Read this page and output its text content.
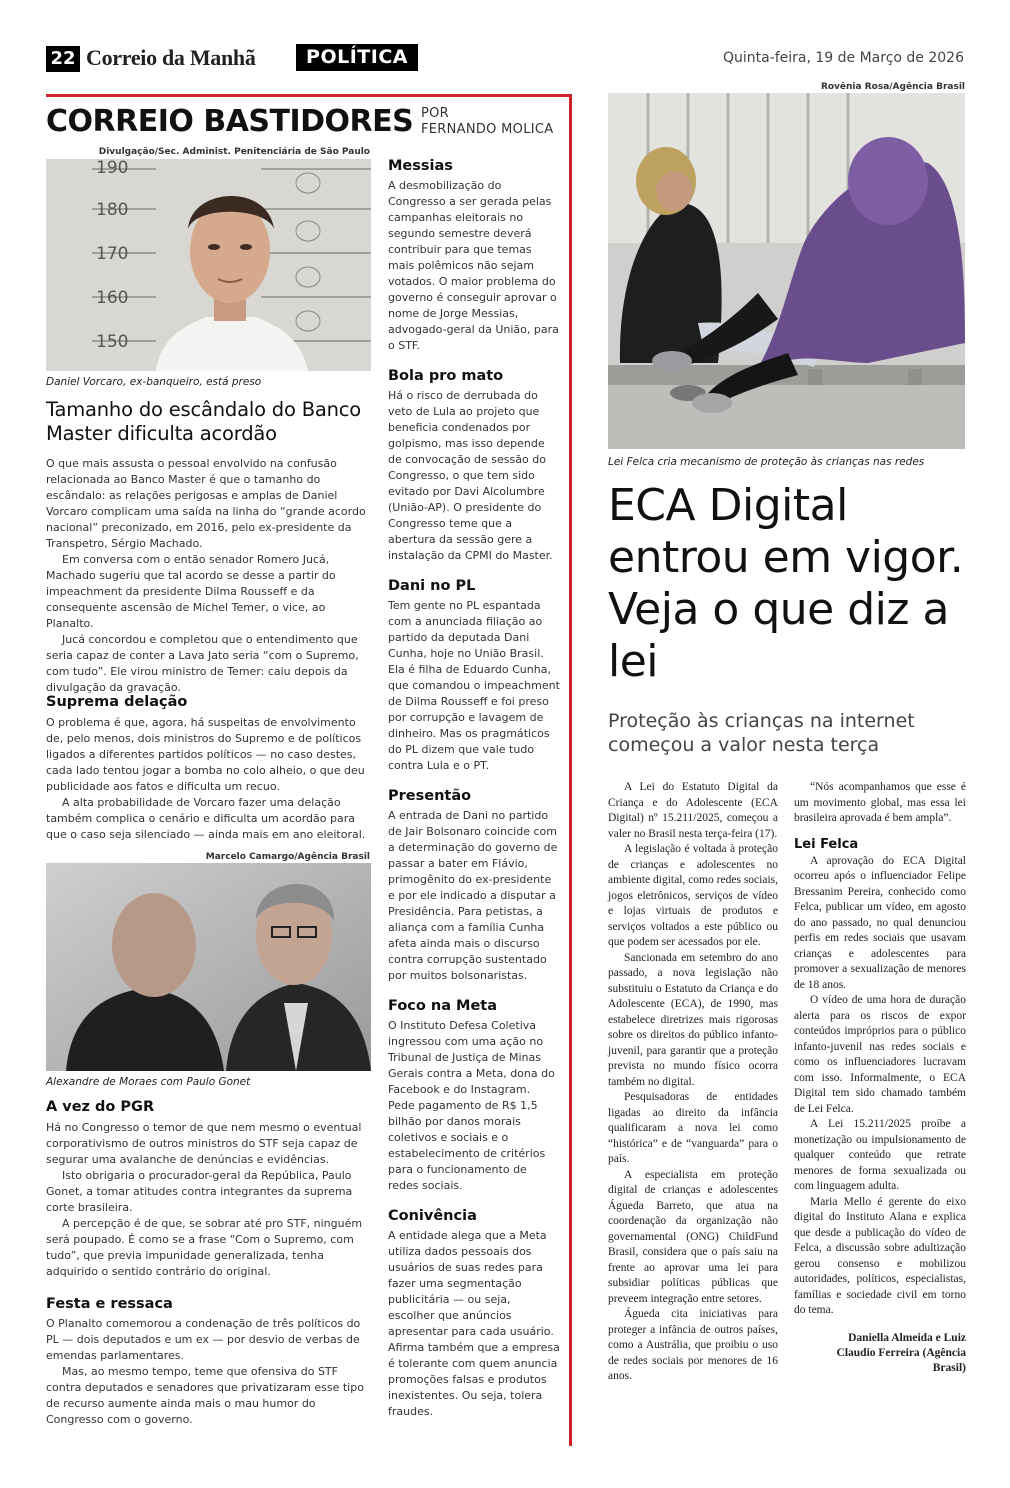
22 Correio da Manhã	POLÍTICA	Quinta-feira, 19 de Março de 2026
CORREIO BASTIDORES POR
FERNANDO MOLICA
Divulgação/Sec. Administ. Penitenciária de São Paulo
190
180
170
160
150
Daniel Vorcaro, ex-banqueiro, está preso
Tamanho do escândalo do Banco Master dificulta acordão

O que mais assusta o pessoal envolvido na confusão relacionada ao Banco Master é que o tamanho do escândalo: as relações perigosas e amplas de Daniel Vorcaro complicam uma saída na linha do “grande acordo nacional” preconizado, em 2016, pelo ex-presidente da Transpetro, Sérgio Machado.

Em conversa com o então senador Romero Jucá, Machado sugeriu que tal acordo se desse a partir do impeachment da presidente Dilma Rousseff e da consequente ascensão de Michel Temer, o vice, ao Planalto.

Jucá concordou e completou que o entendimento que seria capaz de conter a Lava Jato seria “com o Supremo, com tudo”. Ele virou ministro de Temer: caiu depois da divulgação da gravação.

Suprema delação

O problema é que, agora, há suspeitas de envolvimento de, pelo menos, dois ministros do Supremo e de políticos ligados a diferentes partidos políticos — no caso destes, cada lado tentou jogar a bomba no colo alheio, o que deu publicidade aos fatos e dificulta um recuo.

A alta probabilidade de Vorcaro fazer uma delação também complica o cenário e dificulta um acordão para que o caso seja silenciado — ainda mais em ano eleitoral.

Marcelo Camargo/Agência Brasil
Alexandre de Moraes com Paulo Gonet
A vez do PGR

Há no Congresso o temor de que nem mesmo o eventual corporativismo de outros ministros do STF seja capaz de segurar uma avalanche de denúncias e evidências.

Isto obrigaria o procurador-geral da República, Paulo Gonet, a tomar atitudes contra integrantes da suprema corte brasileira.

A percepção é de que, se sobrar até pro STF, ninguém será poupado. É como se a frase “Com o Supremo, com tudo”, que previa impunidade generalizada, tenha adquirido o sentido contrário do original.

Festa e ressaca

O Planalto comemorou a condenação de três políticos do PL — dois deputados e um ex — por desvio de verbas de emendas parlamentares.

Mas, ao mesmo tempo, teme que ofensiva do STF contra deputados e senadores que privatizaram esse tipo de recurso aumente ainda mais o mau humor do Congresso com o governo.

Messias
A desmobilização do Congresso a ser gerada pelas campanhas eleitorais no segundo semestre deverá contribuir para que temas mais polêmicos não sejam votados. O maior problema do governo é conseguir aprovar o nome de Jorge Messias, advogado-geral da União, para o STF.
Bola pro mato
Há o risco de derrubada do veto de Lula ao projeto que beneficia condenados por golpismo, mas isso depende de convocação de sessão do Congresso, o que tem sido evitado por Davi Alcolumbre (União-AP). O presidente do Congresso teme que a abertura da sessão gere a instalação da CPMI do Master.
Dani no PL
Tem gente no PL espantada com a anunciada filiação ao partido da deputada Dani Cunha, hoje no União Brasil. Ela é filha de Eduardo Cunha, que comandou o impeachment de Dilma Rousseff e foi preso por corrupção e lavagem de dinheiro. Mas os pragmáticos do PL dizem que vale tudo contra Lula e o PT.
Presentão
A entrada de Dani no partido de Jair Bolsonaro coincide com a determinação do governo de passar a bater em Flávio, primogênito do ex-presidente e por ele indicado a disputar a Presidência. Para petistas, a aliança com a família Cunha afeta ainda mais o discurso contra corrupção sustentado por muitos bolsonaristas.
Foco na Meta
O Instituto Defesa Coletiva ingressou com uma ação no Tribunal de Justiça de Minas Gerais contra a Meta, dona do Facebook e do Instagram. Pede pagamento de R$ 1,5 bilhão por danos morais coletivos e sociais e o estabelecimento de critérios para o funcionamento de redes sociais.
Conivência
A entidade alega que a Meta utiliza dados pessoais dos usuários de suas redes para fazer uma segmentação publicitária — ou seja, escolher que anúncios apresentar para cada usuário. Afirma também que a empresa é tolerante com quem anuncia promoções falsas e produtos inexistentes. Ou seja, tolera fraudes.
Rovênia Rosa/Agência Brasil
Lei Felca cria mecanismo de proteção às crianças nas redes
ECA Digital entrou em vigor. Veja o que diz a lei
Proteção às crianças na internet começou a valor nesta terça

A Lei do Estatuto Digital da Criança e do Adolescente (ECA Digital) nº 15.211/2025, começou a valer no Brasil nesta terça-feira (17).

A legislação é voltada à proteção de crianças e adolescentes no ambiente digital, como redes sociais, jogos eletrônicos, serviços de vídeo e lojas virtuais de produtos e serviços voltados a este público ou que podem ser acessados por ele.

Sancionada em setembro do ano passado, a nova legislação não substituiu o Estatuto da Criança e do Adolescente (ECA), de 1990, mas estabelece diretrizes mais rigorosas sobre os direitos do público infanto-juvenil, para garantir que a proteção prevista no mundo físico ocorra também no digital.

Pesquisadoras de entidades ligadas ao direito da infância qualificaram a nova lei como “histórica” e de “vanguarda” para o país.

A especialista em proteção digital de crianças e adolescentes Águeda Barreto, que atua na coordenação da organização não governamental (ONG) ChildFund Brasil, considera que o país saiu na frente ao aprovar uma lei para subsidiar políticas públicas que preveem integração entre setores.

Águeda cita iniciativas para proteger a infância de outros países, como a Austrália, que proibiu o uso de redes sociais por menores de 16 anos.

“Nós acompanhamos que esse é um movimento global, mas essa lei brasileira aprovada é bem ampla”.

Lei Felca

A aprovação do ECA Digital ocorreu após o influenciador Felipe Bressanim Pereira, conhecido como Felca, publicar um vídeo, em agosto do ano passado, no qual denunciou perfis em redes sociais que usavam crianças e adolescentes para promover a sexualização de menores de 18 anos.

O vídeo de uma hora de duração alerta para os riscos de expor conteúdos impróprios para o público infanto-juvenil nas redes sociais e como os influenciadores lucravam com isso. Informalmente, o ECA Digital tem sido chamado também de Lei Felca.

A Lei 15.211/2025 proíbe a monetização ou impulsionamento de qualquer conteúdo que retrate menores de forma sexualizada ou com linguagem adulta.

Maria Mello é gerente do eixo digital do Instituto Alana e explica que desde a publicação do vídeo de Felca, a discussão sobre adultização gerou consenso e mobilizou autoridades, políticos, especialistas, famílias e sociedade civil em torno do tema.

Daniella Almeida e Luiz
Claudio Ferreira (Agência
Brasil)
